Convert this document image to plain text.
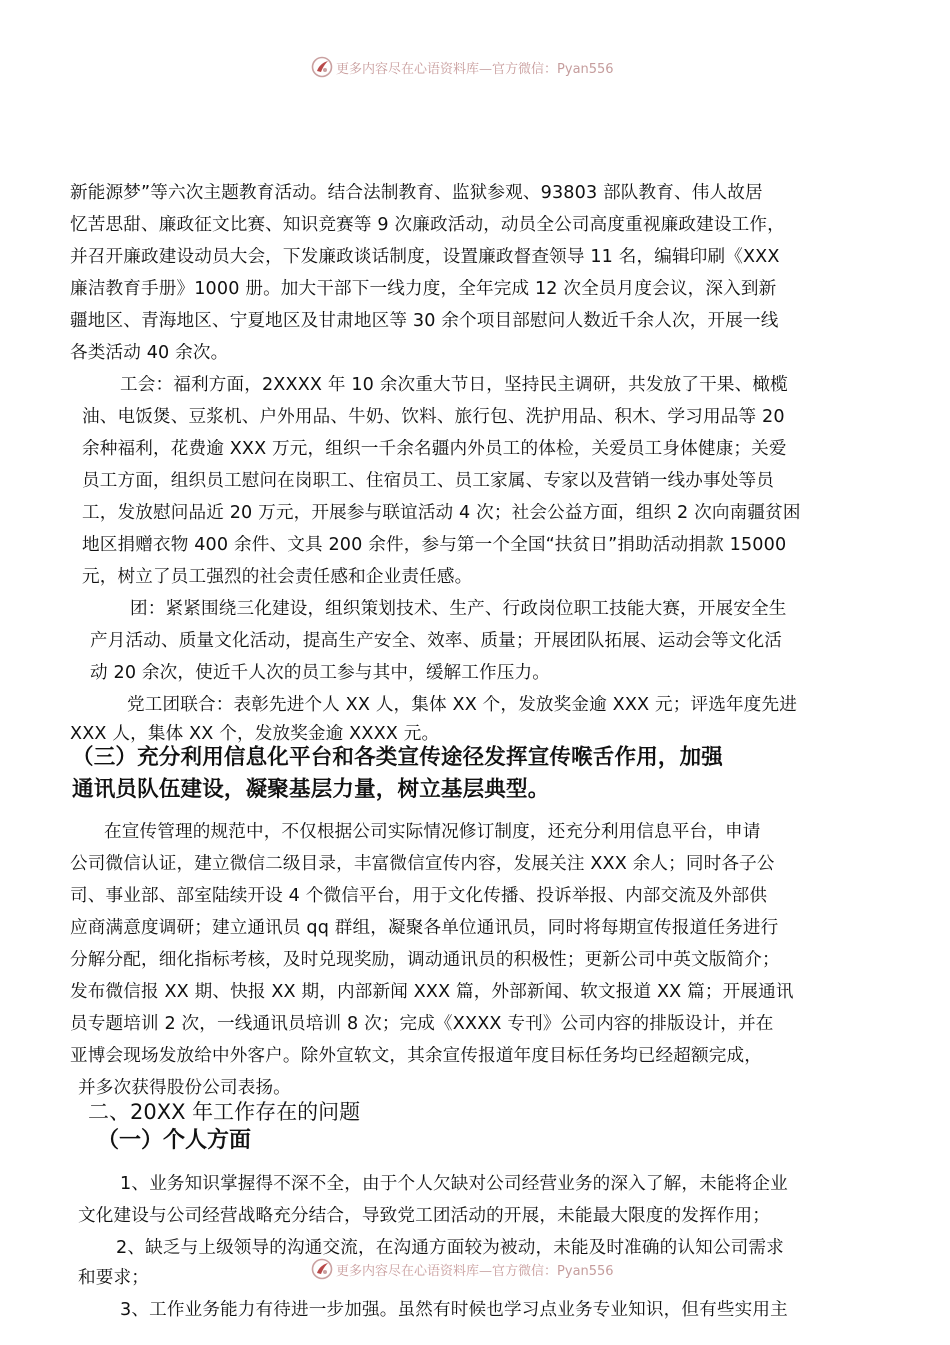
更多内容尽在心语资料库—官方微信：Pyan556
新能源梦”等六次主题教育活动。结合法制教育、监狱参观、93803 部队教育、伟人故居
忆苦思甜、廉政征文比赛、知识竞赛等 9 次廉政活动，动员全公司高度重视廉政建设工作，
并召开廉政建设动员大会，下发廉政谈话制度，设置廉政督查领导 11 名，编辑印刷《XXX
廉洁教育手册》1000 册。加大干部下一线力度，全年完成 12 次全员月度会议，深入到新
疆地区、青海地区、宁夏地区及甘肃地区等 30 余个项目部慰问人数近千余人次，开展一线
各类活动 40 余次。
工会：福利方面，2XXXX 年 10 余次重大节日，坚持民主调研，共发放了干果、橄榄
油、电饭煲、豆浆机、户外用品、牛奶、饮料、旅行包、洗护用品、积木、学习用品等 20
余种福利，花费逾 XXX 万元，组织一千余名疆内外员工的体检，关爱员工身体健康；关爱
员工方面，组织员工慰问在岗职工、住宿员工、员工家属、专家以及营销一线办事处等员
工，发放慰问品近 20 万元，开展参与联谊活动 4 次；社会公益方面，组织 2 次向南疆贫困
地区捐赠衣物 400 余件、文具 200 余件，参与第一个全国“扶贫日”捐助活动捐款 15000
元，树立了员工强烈的社会责任感和企业责任感。
团：紧紧围绕三化建设，组织策划技术、生产、行政岗位职工技能大赛，开展安全生
产月活动、质量文化活动，提高生产安全、效率、质量；开展团队拓展、运动会等文化活
动 20 余次，使近千人次的员工参与其中，缓解工作压力。
党工团联合：表彰先进个人 XX 人，集体 XX 个，发放奖金逾 XXX 元；评选年度先进
XXX 人，集体 XX 个，发放奖金逾 XXXX 元。
（三）充分利用信息化平台和各类宣传途径发挥宣传喉舌作用，加强
通讯员队伍建设，凝聚基层力量，树立基层典型。
在宣传管理的规范中，不仅根据公司实际情况修订制度，还充分利用信息平台，申请
公司微信认证，建立微信二级目录，丰富微信宣传内容，发展关注 XXX 余人；同时各子公
司、事业部、部室陆续开设 4 个微信平台，用于文化传播、投诉举报、内部交流及外部供
应商满意度调研；建立通讯员 qq 群组，凝聚各单位通讯员，同时将每期宣传报道任务进行
分解分配，细化指标考核，及时兑现奖励，调动通讯员的积极性；更新公司中英文版简介；
发布微信报 XX 期、快报 XX 期，内部新闻 XXX 篇，外部新闻、软文报道 XX 篇；开展通讯
员专题培训 2 次，一线通讯员培训 8 次；完成《XXXX 专刊》公司内容的排版设计，并在
亚博会现场发放给中外客户。除外宣软文，其余宣传报道年度目标任务均已经超额完成，
并多次获得股份公司表扬。
二、20XX 年工作存在的问题
（一）个人方面
1、业务知识掌握得不深不全，由于个人欠缺对公司经营业务的深入了解，未能将企业
文化建设与公司经营战略充分结合，导致党工团活动的开展，未能最大限度的发挥作用；
2、缺乏与上级领导的沟通交流，在沟通方面较为被动，未能及时准确的认知公司需求
和要求；	更多内容尽在心语资料库—官方微信：Pyan556
3、工作业务能力有待进一步加强。虽然有时候也学习点业务专业知识，但有些实用主
